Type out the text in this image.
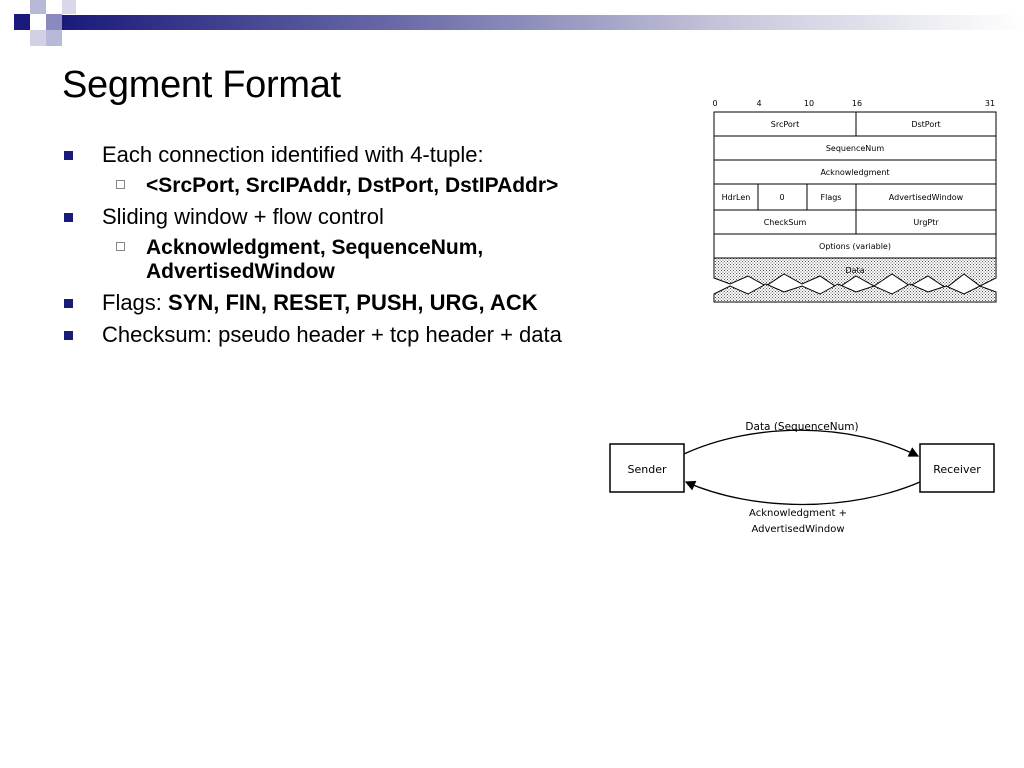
Segment Format
Each connection identified with 4-tuple:
<SrcPort, SrcIPAddr, DstPort, DstIPAddr>
Sliding window + flow control
Acknowledgment, SequenceNum, AdvertisedWindow
Flags: SYN, FIN, RESET, PUSH, URG, ACK
Checksum: pseudo header + tcp header + data
0	4	10	16	31
SrcPort	DstPort
SequenceNum
Acknowledgment
HdrLen	0	Flags	AdvertisedWindow
CheckSum	UrgPtr
Options (variable)
Data
Sender	Receiver
Data (SequenceNum)
Acknowledgment +
AdvertisedWindow
